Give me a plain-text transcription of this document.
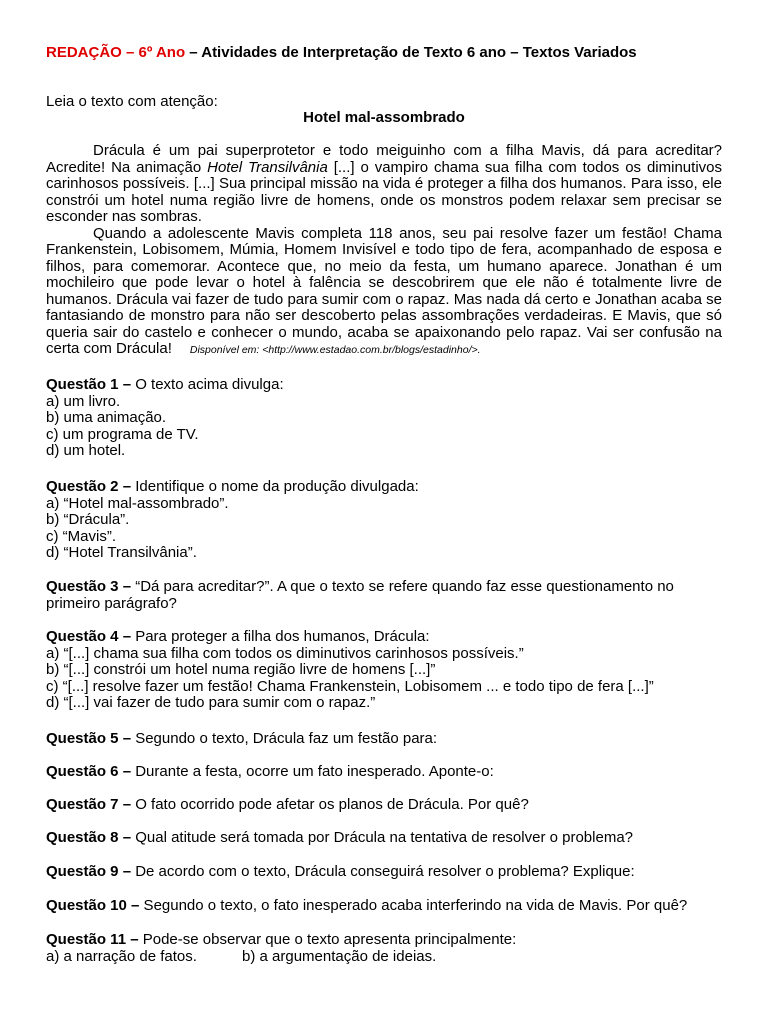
REDAÇÃO – 6º Ano – Atividades de Interpretação de Texto 6 ano – Textos Variados
Leia o texto com atenção:
Hotel mal-assombrado

Drácula é um pai superprotetor e todo meiguinho com a filha Mavis, dá para acreditar? Acredite! Na animação Hotel Transilvânia [...] o vampiro chama sua filha com todos os diminutivos carinhosos possíveis. [...] Sua principal missão na vida é proteger a filha dos humanos. Para isso, ele constrói um hotel numa região livre de homens, onde os monstros podem relaxar sem precisar se esconder nas sombras.

Quando a adolescente Mavis completa 118 anos, seu pai resolve fazer um festão! Chama Frankenstein, Lobisomem, Múmia, Homem Invisível e todo tipo de fera, acompanhado de esposa e filhos, para comemorar. Acontece que, no meio da festa, um humano aparece. Jonathan é um mochileiro que pode levar o hotel à falência se descobrirem que ele não é totalmente livre de humanos. Drácula vai fazer de tudo para sumir com o rapaz. Mas nada dá certo e Jonathan acaba se fantasiando de monstro para não ser descoberto pelas assombrações verdadeiras. E Mavis, que só queria sair do castelo e conhecer o mundo, acaba se apaixonando pelo rapaz. Vai ser confusão na certa com Drácula! Disponível em: <http://www.estadao.com.br/blogs/estadinho/>.

Questão 1 – O texto acima divulga:
a) um livro.
b) uma animação.
c) um programa de TV.
d) um hotel.
Questão 2 – Identifique o nome da produção divulgada:
a) “Hotel mal-assombrado”.
b) “Drácula”.
c) “Mavis”.
d) “Hotel Transilvânia”.
Questão 3 – “Dá para acreditar?”. A que o texto se refere quando faz esse questionamento no primeiro parágrafo?
Questão 4 – Para proteger a filha dos humanos, Drácula:
a) “[...] chama sua filha com todos os diminutivos carinhosos possíveis.”
b) “[...] constrói um hotel numa região livre de homens [...]”
c) “[...] resolve fazer um festão! Chama Frankenstein, Lobisomem ... e todo tipo de fera [...]”
d) “[...] vai fazer de tudo para sumir com o rapaz.”
Questão 5 – Segundo o texto, Drácula faz um festão para:
Questão 6 – Durante a festa, ocorre um fato inesperado. Aponte-o:
Questão 7 – O fato ocorrido pode afetar os planos de Drácula. Por quê?
Questão 8 – Qual atitude será tomada por Drácula na tentativa de resolver o problema?
Questão 9 – De acordo com o texto, Drácula conseguirá resolver o problema? Explique:
Questão 10 – Segundo o texto, o fato inesperado acaba interferindo na vida de Mavis. Por quê?
Questão 11 – Pode-se observar que o texto apresenta principalmente:
a) a narração de fatos.	b) a argumentação de ideias.
